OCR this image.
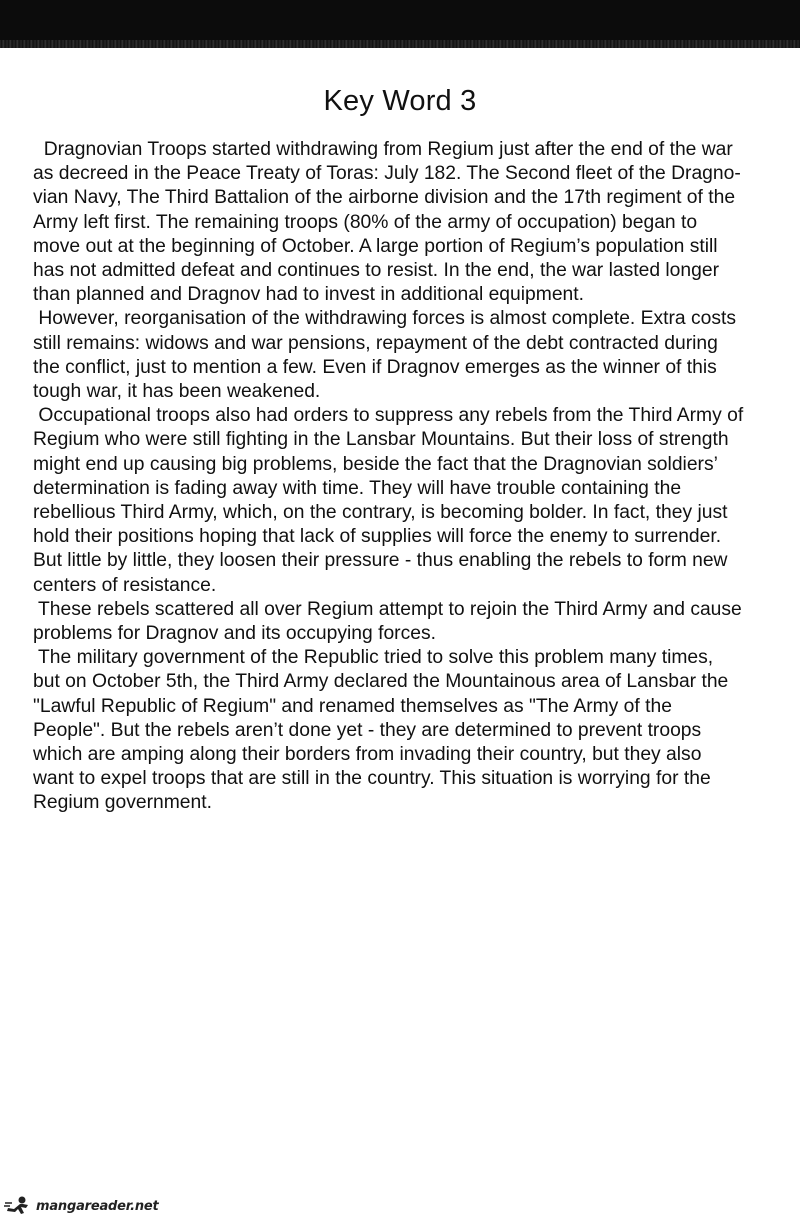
Key Word 3
Dragnovian Troops started withdrawing from Regium just after the end of the war
as decreed in the Peace Treaty of Toras: July 182. The Second fleet of the Dragno-
vian Navy, The Third Battalion of the airborne division and the 17th regiment of the
Army left first. The remaining troops (80% of the army of occupation) began to
move out at the beginning of October. A large portion of Regium’s population still
has not admitted defeat and continues to resist. In the end, the war lasted longer
than planned and Dragnov had to invest in additional equipment.
However, reorganisation of the withdrawing forces is almost complete. Extra costs
still remains: widows and war pensions, repayment of the debt contracted during
the conflict, just to mention a few. Even if Dragnov emerges as the winner of this
tough war, it has been weakened.
Occupational troops also had orders to suppress any rebels from the Third Army of
Regium who were still fighting in the Lansbar Mountains. But their loss of strength
might end up causing big problems, beside the fact that the Dragnovian soldiers’
determination is fading away with time. They will have trouble containing the
rebellious Third Army, which, on the contrary, is becoming bolder. In fact, they just
hold their positions hoping that lack of supplies will force the enemy to surrender.
But little by little, they loosen their pressure - thus enabling the rebels to form new
centers of resistance.
These rebels scattered all over Regium attempt to rejoin the Third Army and cause
problems for Dragnov and its occupying forces.
The military government of the Republic tried to solve this problem many times,
but on October 5th, the Third Army declared the Mountainous area of Lansbar the
"Lawful Republic of Regium" and renamed themselves as "The Army of the
People". But the rebels aren’t done yet - they are determined to prevent troops
which are amping along their borders from invading their country, but they also
want to expel troops that are still in the country. This situation is worrying for the
Regium government.
mangareader.net
